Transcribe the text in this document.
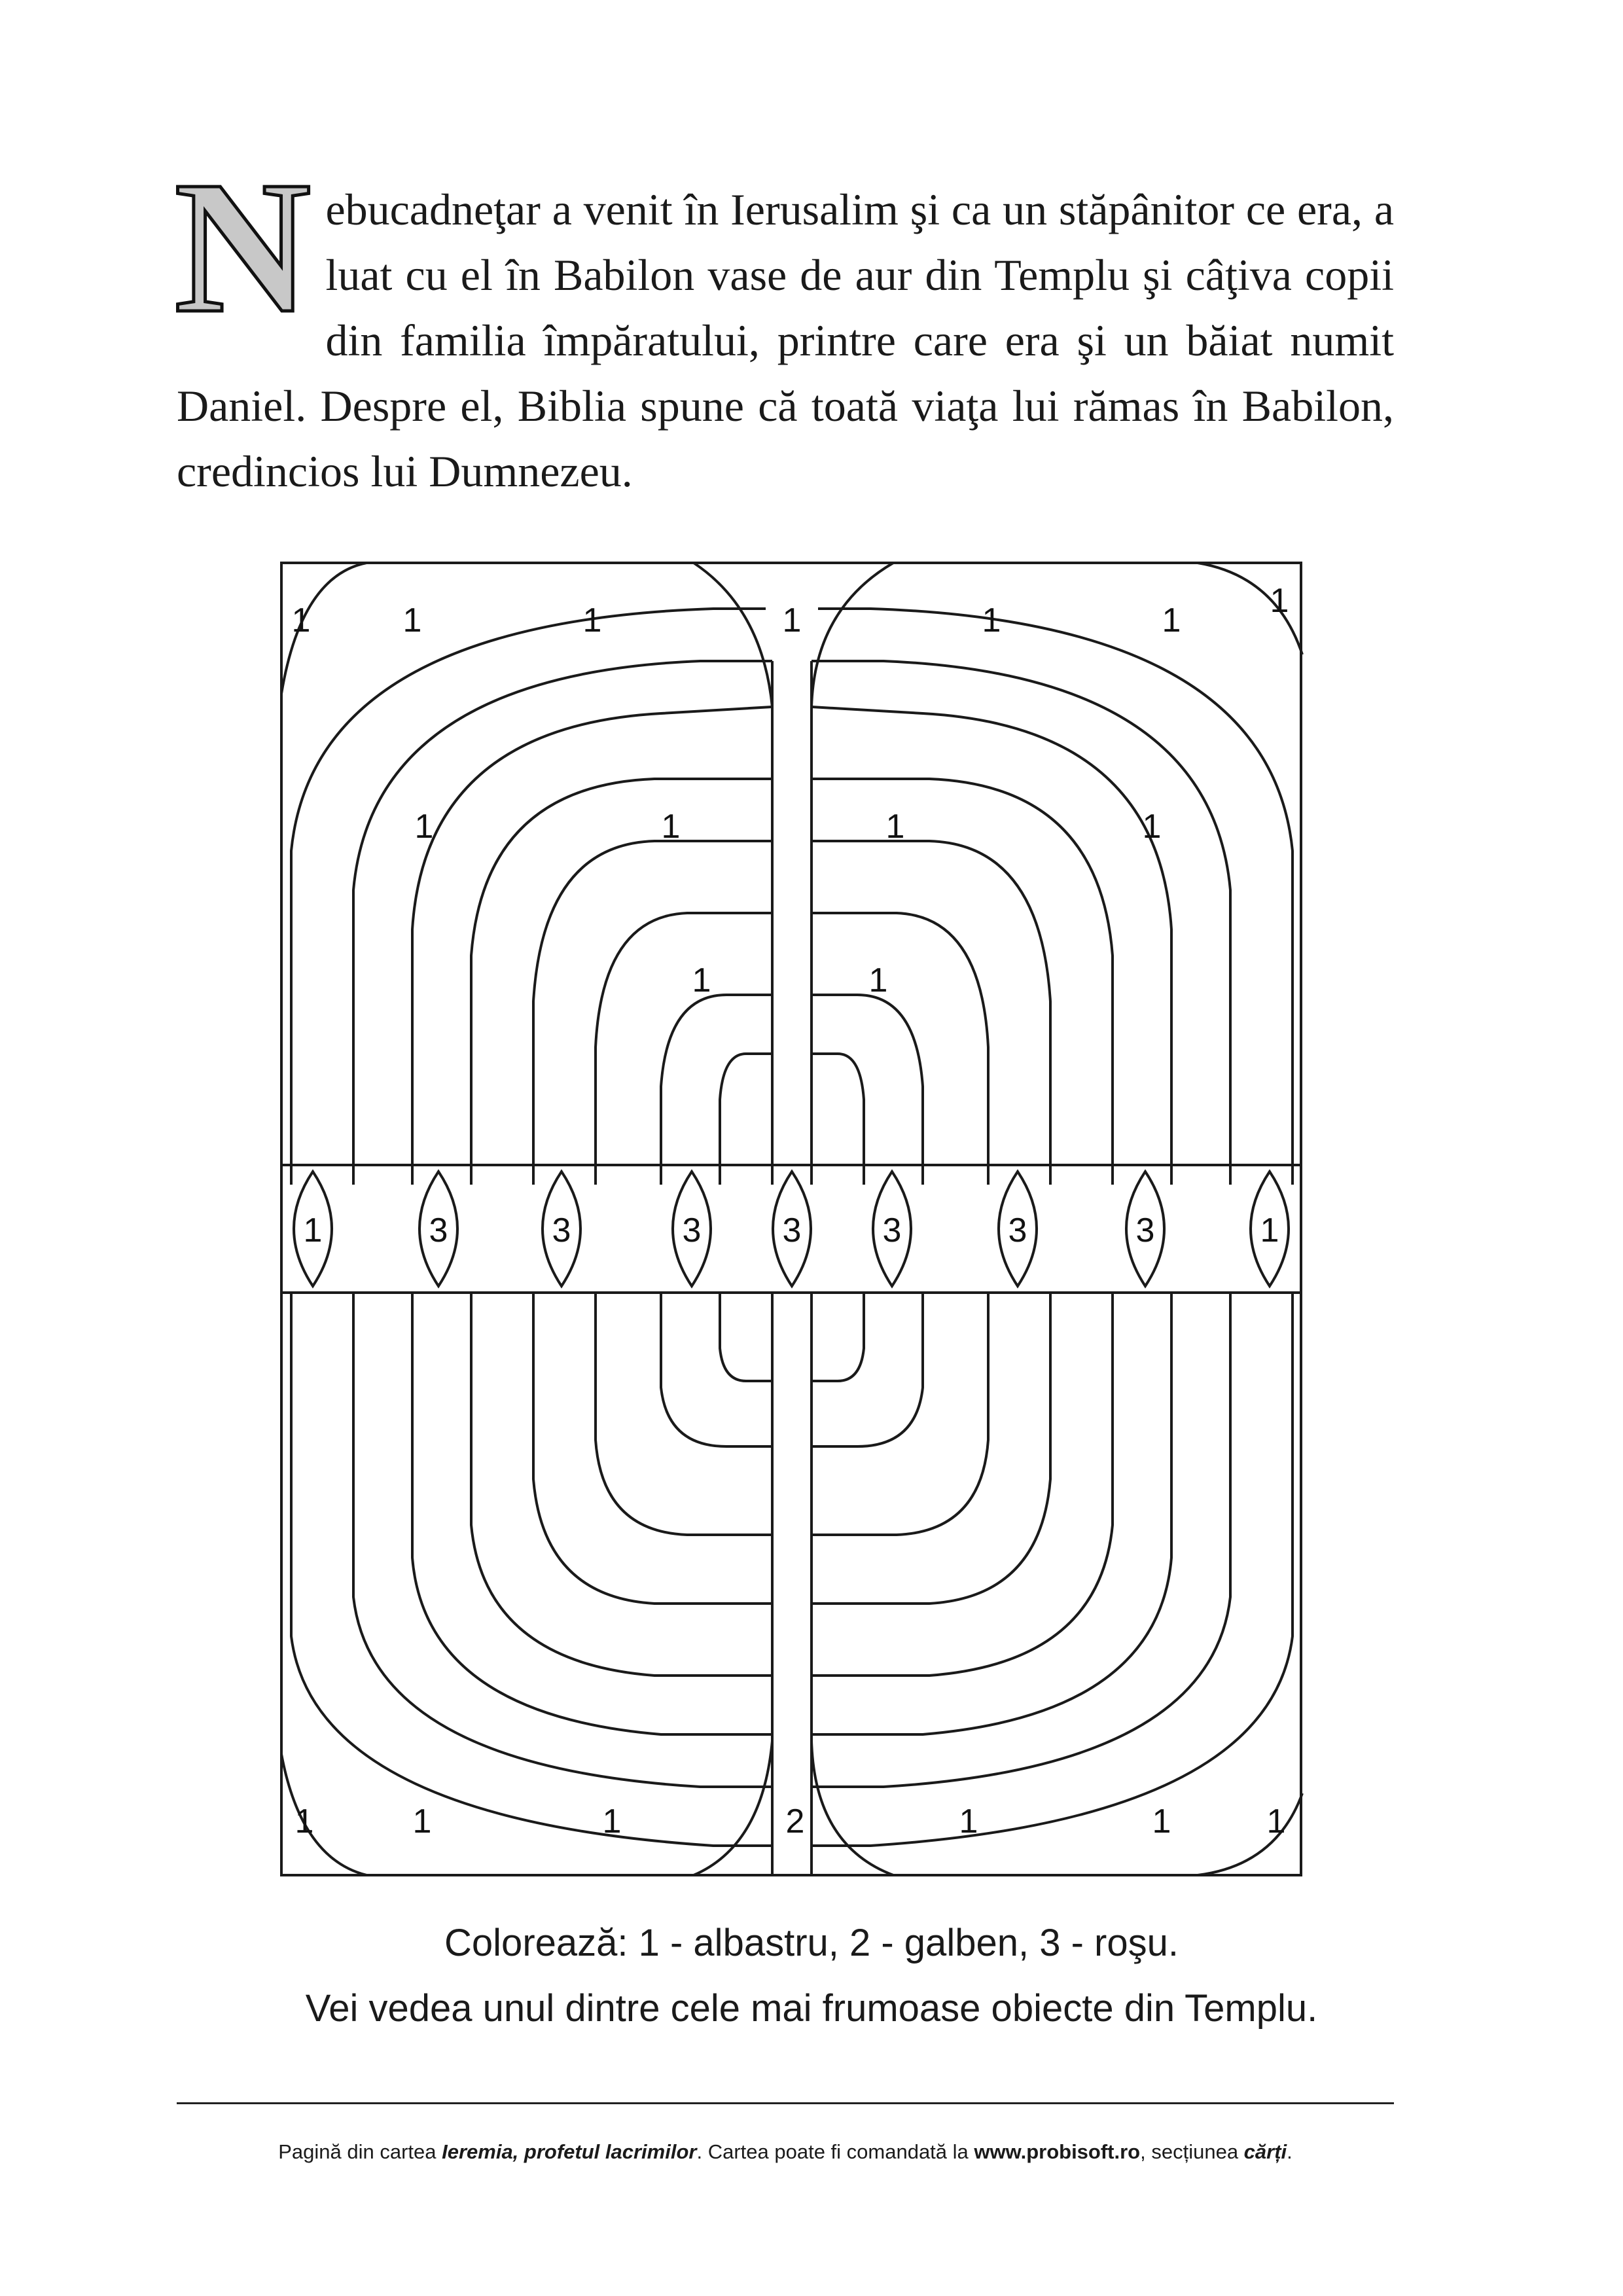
Nebucadneţar a venit în Ierusalim şi ca un stăpânitor ce era, a luat cu el în Babilon vase de aur din Templu şi câţiva copii din familia împăratului, printre care era şi un băiat numit Daniel. Despre el, Biblia spune că toată viaţa lui rămas în Babilon, credincios lui Dumnezeu.

1	1	1	1	1	1
1
1	1	1	1
1	1
1	3	3	3 3 3	3	3	1
1	1	1	2	1	1	1
Colorează: 1 - albastru, 2 - galben, 3 - roşu.
Vei vedea unul dintre cele mai frumoase obiecte din Templu.
Pagină din cartea Ieremia, profetul lacrimilor. Cartea poate fi comandată la www.probisoft.ro, secțiunea cărți.
